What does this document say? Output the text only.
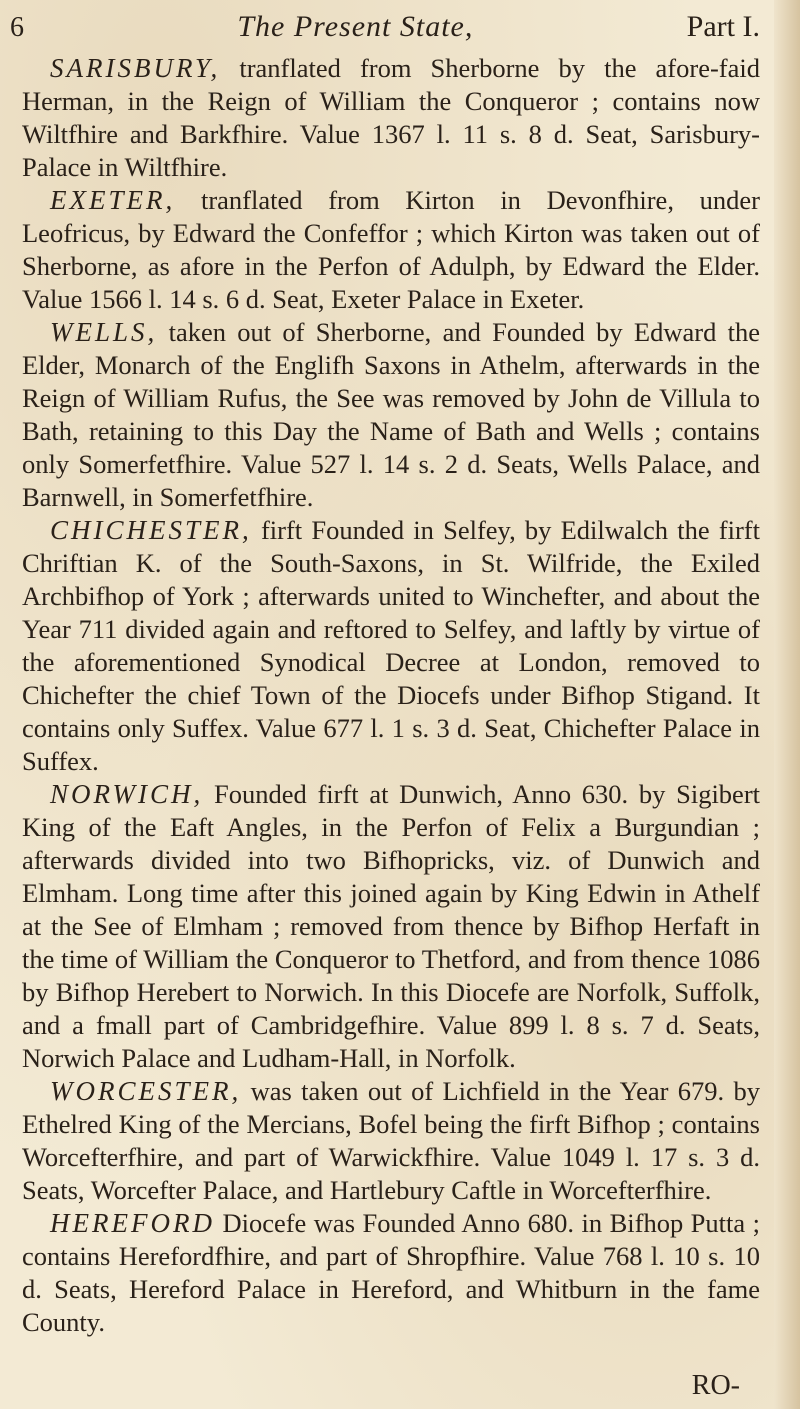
6	The Present State,	Part I.

SARISBURY, tranflated from Sherborne by the afore-faid Herman, in the Reign of William the Conqueror ; contains now Wiltfhire and Barkfhire. Value 1367 l. 11 s. 8 d. Seat, Sarisbury-Palace in Wiltfhire.

EXETER, tranflated from Kirton in Devonfhire, under Leofricus, by Edward the Confeffor ; which Kirton was taken out of Sherborne, as afore in the Perfon of Adulph, by Edward the Elder. Value 1566 l. 14 s. 6 d. Seat, Exeter Palace in Exeter.

WELLS, taken out of Sherborne, and Founded by Edward the Elder, Monarch of the Englifh Saxons in Athelm, afterwards in the Reign of William Rufus, the See was removed by John de Villula to Bath, retaining to this Day the Name of Bath and Wells ; contains only Somerfetfhire. Value 527 l. 14 s. 2 d. Seats, Wells Palace, and Barnwell, in Somerfetfhire.

CHICHESTER, firft Founded in Selfey, by Edilwalch the firft Chriftian K. of the South-Saxons, in St. Wilfride, the Exiled Archbifhop of York ; afterwards united to Winchefter, and about the Year 711 divided again and reftored to Selfey, and laftly by virtue of the aforementioned Synodical Decree at London, removed to Chichefter the chief Town of the Diocefs under Bifhop Stigand. It contains only Suffex. Value 677 l. 1 s. 3 d. Seat, Chichefter Palace in Suffex.

NORWICH, Founded firft at Dunwich, Anno 630. by Sigibert King of the Eaft Angles, in the Perfon of Felix a Burgundian ; afterwards divided into two Bifhopricks, viz. of Dunwich and Elmham. Long time after this joined again by King Edwin in Athelf at the See of Elmham ; removed from thence by Bifhop Herfaft in the time of William the Conqueror to Thetford, and from thence 1086 by Bifhop Herebert to Norwich. In this Diocefe are Norfolk, Suffolk, and a fmall part of Cambridgefhire. Value 899 l. 8 s. 7 d. Seats, Norwich Palace and Ludham-Hall, in Norfolk.

WORCESTER, was taken out of Lichfield in the Year 679. by Ethelred King of the Mercians, Bofel being the firft Bifhop ; contains Worcefterfhire, and part of Warwickfhire. Value 1049 l. 17 s. 3 d. Seats, Worcefter Palace, and Hartlebury Caftle in Worcefterfhire.

HEREFORD Diocefe was Founded Anno 680. in Bifhop Putta ; contains Herefordfhire, and part of Shropfhire. Value 768 l. 10 s. 10 d. Seats, Hereford Palace in Hereford, and Whitburn in the fame County.

RO-
